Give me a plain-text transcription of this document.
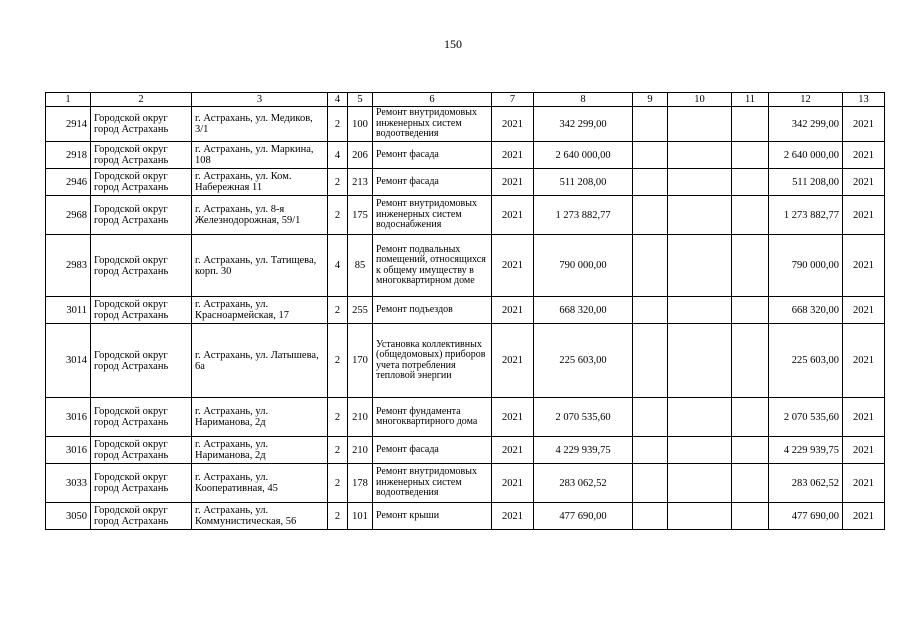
150
1	2	3	4	5	6	7	8	9	10	11	12	13
2914	Городской округ город Астрахань	г. Астрахань, ул. Медиков, 3/1	2	100	Ремонт внутридомовых инженерных систем водоотведения	2021	342 299,00				342 299,00	2021
2918	Городской округ город Астрахань	г. Астрахань, ул. Маркина, 108	4	206	Ремонт фасада	2021	2 640 000,00				2 640 000,00	2021
2946	Городской округ город Астрахань	г. Астрахань, ул. Ком. Набережная 11	2	213	Ремонт фасада	2021	511 208,00				511 208,00	2021
2968	Городской округ город Астрахань	г. Астрахань, ул. 8-я Железнодорожная, 59/1	2	175	Ремонт внутридомовых инженерных систем водоснабжения	2021	1 273 882,77				1 273 882,77	2021
2983	Городской округ город Астрахань	г. Астрахань, ул. Татищева, корп. 30	4	85	Ремонт подвальных помещений, относящихся к общему имуществу в многоквартирном доме	2021	790 000,00				790 000,00	2021
3011	Городской округ город Астрахань	г. Астрахань, ул. Красноармейская, 17	2	255	Ремонт подъездов	2021	668 320,00				668 320,00	2021
3014	Городской округ город Астрахань	г. Астрахань, ул. Латышева, 6а	2	170	Установка коллективных (общедомовых) приборов учета потребления тепловой энергии	2021	225 603,00				225 603,00	2021
3016	Городской округ город Астрахань	г. Астрахань, ул. Нариманова, 2д	2	210	Ремонт фундамента многоквартирного дома	2021	2 070 535,60				2 070 535,60	2021
3016	Городской округ город Астрахань	г. Астрахань, ул. Нариманова, 2д	2	210	Ремонт фасада	2021	4 229 939,75				4 229 939,75	2021
3033	Городской округ город Астрахань	г. Астрахань, ул. Кооперативная, 45	2	178	Ремонт внутридомовых инженерных систем водоотведения	2021	283 062,52				283 062,52	2021
3050	Городской округ город Астрахань	г. Астрахань, ул. Коммунистическая, 56	2	101	Ремонт крыши	2021	477 690,00				477 690,00	2021
